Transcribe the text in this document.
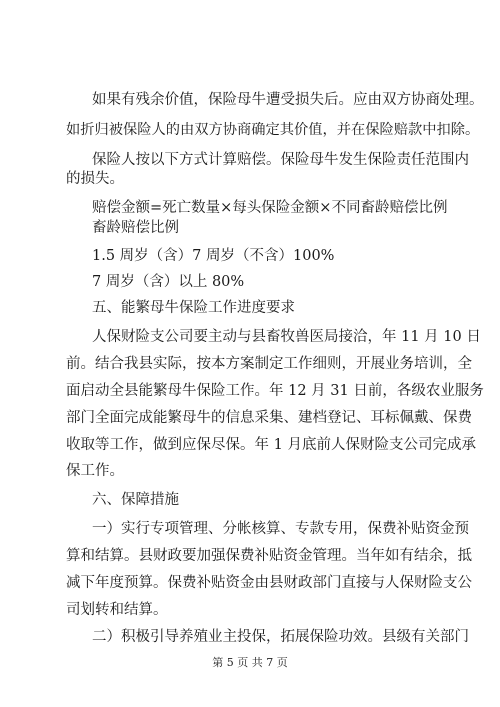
如果有残余价值，保险母牛遭受损失后。应由双方协商处理。
如折归被保险人的由双方协商确定其价值，并在保险赔款中扣除。
保险人按以下方式计算赔偿。保险母牛发生保险责任范围内
的损失。
赔偿金额=死亡数量×每头保险金额×不同畜龄赔偿比例
畜龄赔偿比例
1.5 周岁（含）7 周岁（不含）100%
7 周岁（含）以上 80%
五、能繁母牛保险工作进度要求
人保财险支公司要主动与县畜牧兽医局接洽，年 11 月 10 日
前。结合我县实际，按本方案制定工作细则，开展业务培训，全
面启动全县能繁母牛保险工作。年 12 月 31 日前，各级农业服务
部门全面完成能繁母牛的信息采集、建档登记、耳标佩戴、保费
收取等工作，做到应保尽保。年 1 月底前人保财险支公司完成承
保工作。
六、保障措施
一）实行专项管理、分帐核算、专款专用，保费补贴资金预
算和结算。县财政要加强保费补贴资金管理。当年如有结余，抵
减下年度预算。保费补贴资金由县财政部门直接与人保财险支公
司划转和结算。
二）积极引导养殖业主投保，拓展保险功效。县级有关部门
第 5 页 共 7 页
